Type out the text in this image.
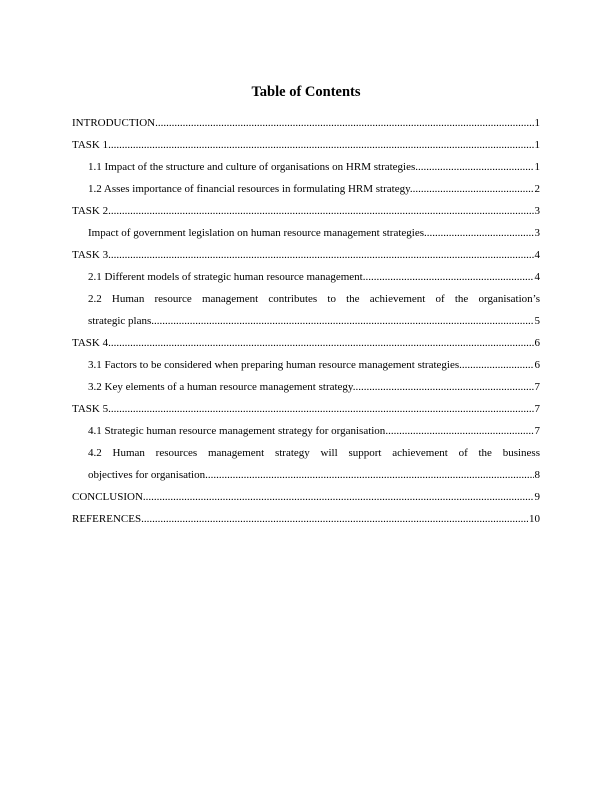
Table of Contents
INTRODUCTION .....	1
TASK 1 .....	1
1.1 Impact of the structure and culture of organisations on HRM strategies .....	1
1.2 Asses importance of financial resources in formulating HRM strategy .....	2
TASK 2 .....	3
Impact of government legislation on human resource management strategies .....	3
TASK 3 .....	4
2.1 Different models of strategic human resource management .....	4
2.2 Human resource management contributes to the achievement of the organisation’s
strategic plans .....	5
TASK 4 .....	6
3.1 Factors to be considered when preparing human resource management strategies .....	6
3.2 Key elements of a human resource management strategy .....	7
TASK 5 .....	7
4.1 Strategic human resource management strategy for organisation .....	7
4.2 Human resources management strategy will support achievement of the business
objectives for organisation .....	8
CONCLUSION .....	9
REFERENCES .....	10
